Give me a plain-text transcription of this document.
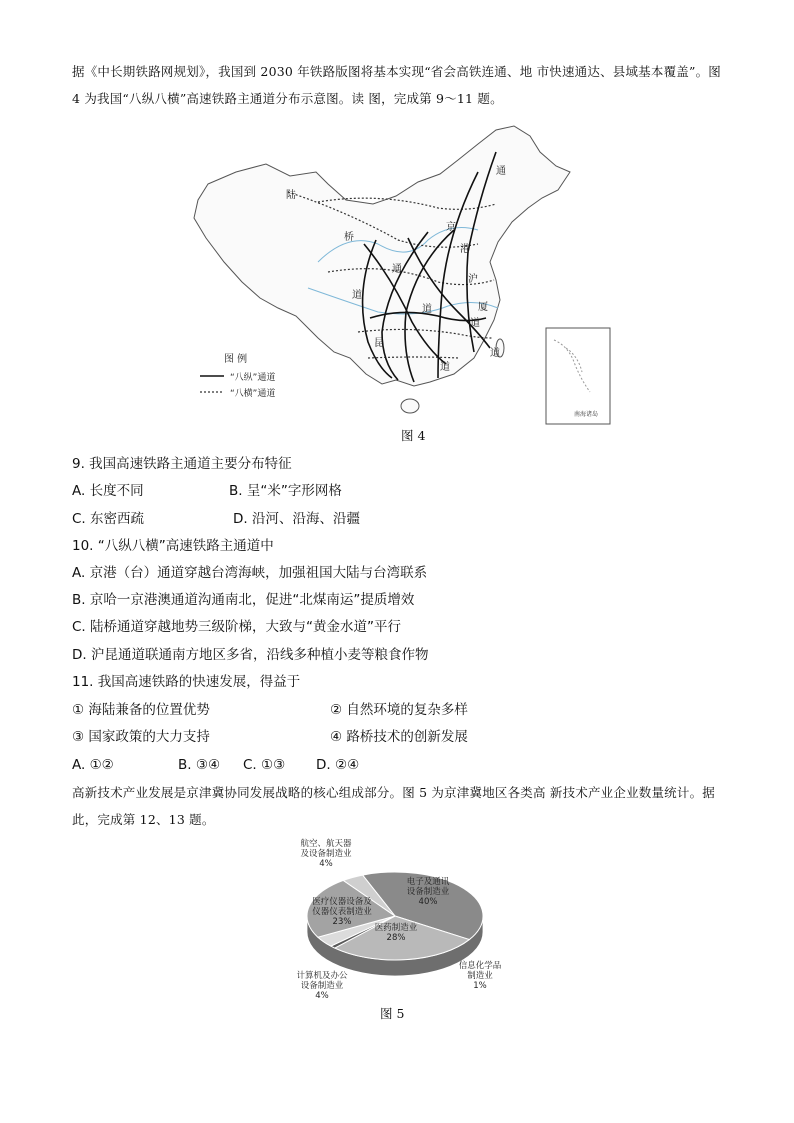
据《中长期铁路网规划》，我国到 2030 年铁路版图将基本实现“省会高铁连通、地 市快速通达、县域基本覆盖”。图 4 为我国“八纵八横”高速铁路主通道分布示意图。读 图，完成第 9～11 题。
陆
桥
京
港
沪
昆
通
道
道
道
道
道
通
厦
图 例
“八纵”通道
“八横”通道
南海诸岛
图 4
9. 我国高速铁路主通道主要分布特征
A. 长度不同	B. 呈“米”字形网格
C. 东密西疏	D. 沿河、沿海、沿疆
10. “八纵八横”高速铁路主通道中
A. 京港（台）通道穿越台湾海峡，加强祖国大陆与台湾联系
B. 京哈一京港澳通道沟通南北，促进“北煤南运”提质增效
C. 陆桥通道穿越地势三级阶梯，大致与“黄金水道”平行
D. 沪昆通道联通南方地区多省，沿线多种植小麦等粮食作物
11. 我国高速铁路的快速发展，得益于
① 海陆兼备的位置优势	② 自然环境的复杂多样
③ 国家政策的大力支持	④ 路桥技术的创新发展
A. ①②	B. ③④ C. ①③ D. ②④
高新技术产业发展是京津冀协同发展战略的核心组成部分。图 5 为京津冀地区各类高 新技术产业企业数量统计。据此，完成第 12、13 题。
电子及通讯设备制造业 40%
医药制造业 28%
信息化学品制造业 1%
计算机及办公设备制造业 4%
医疗仪器设备及仪器仪表制造业 23%
航空、航天器及设备制造业 4%
图 5
